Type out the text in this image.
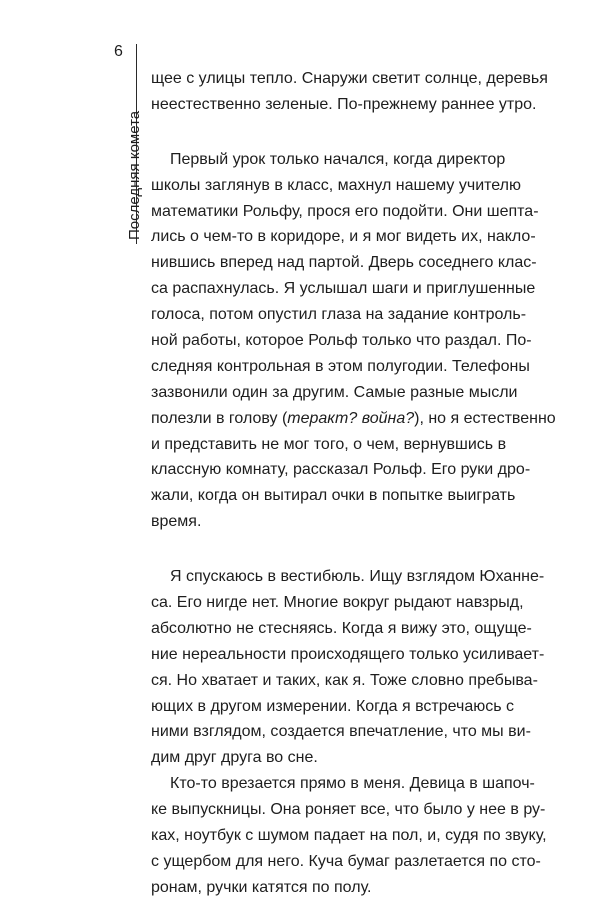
6
Последняя комета
щее с улицы тепло. Снаружи светит солнце, деревья
неестественно зеленые. По-прежнему раннее утро.
Первый урок только начался, когда директор
школы заглянув в класс, махнул нашему учителю
математики Рольфу, прося его подойти. Они шепта-
лись о чем-то в коридоре, и я мог видеть их, накло-
нившись вперед над партой. Дверь соседнего клас-
са распахнулась. Я услышал шаги и приглушенные
голоса, потом опустил глаза на задание контроль-
ной работы, которое Рольф только что раздал. По-
следняя контрольная в этом полугодии. Телефоны
зазвонили один за другим. Самые разные мысли
полезли в голову (теракт? война?), но я естественно
и представить не мог того, о чем, вернувшись в
классную комнату, рассказал Рольф. Его руки дро-
жали, когда он вытирал очки в попытке выиграть
время.
Я спускаюсь в вестибюль. Ищу взглядом Юханне-
са. Его нигде нет. Многие вокруг рыдают навзрыд,
абсолютно не стесняясь. Когда я вижу это, ощуще-
ние нереальности происходящего только усиливает-
ся. Но хватает и таких, как я. Тоже словно пребыва-
ющих в другом измерении. Когда я встречаюсь с
ними взглядом, создается впечатление, что мы ви-
дим друг друга во сне.
Кто-то врезается прямо в меня. Девица в шапоч-
ке выпускницы. Она роняет все, что было у нее в ру-
ках, ноутбук с шумом падает на пол, и, судя по звуку,
с ущербом для него. Куча бумаг разлетается по сто-
ронам, ручки катятся по полу.
